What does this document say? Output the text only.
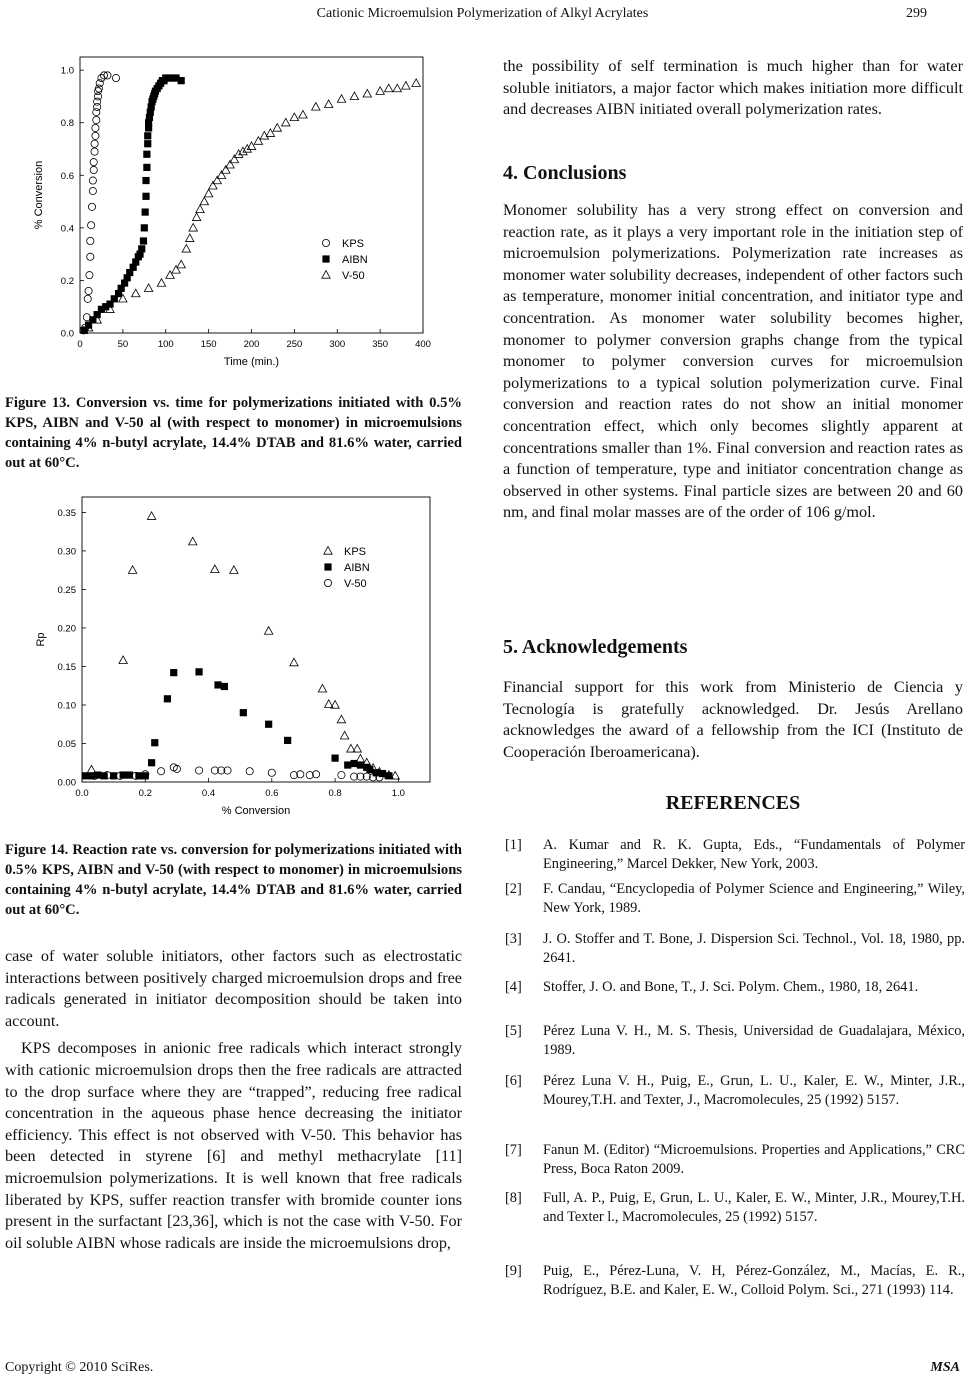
Cationic Microemulsion Polymerization of Alkyl Acrylates	299
0	50	100	150	200	250	300	350	400
0.0
0.2
0.4
0.6
0.8
1.0
Time (min.)
% Conversion
KPS
AIBN
V-50
Figure 13. Conversion vs. time for polymerizations initiated with 0.5% KPS, AIBN and V-50 al (with respect to monomer) in microemulsions containing 4% n-butyl acrylate, 14.4% DTAB and 81.6% water, carried out at 60°C.
0.0	0.2	0.4	0.6	0.8	1.0
0.00
0.05
0.10
0.15
0.20
0.25
0.30
0.35
% Conversion
Rp
KPS
AIBN
V-50
Figure 14. Reaction rate vs. conversion for polymerizations initiated with 0.5% KPS, AIBN and V-50 (with respect to monomer) in microemulsions containing 4% n-butyl acrylate, 14.4% DTAB and 81.6% water, carried out at 60°C.

case of water soluble initiators, other factors such as electrostatic interactions between positively charged microemulsion drops and free radicals generated in initiator decomposition should be taken into account.

KPS decomposes in anionic free radicals which interact strongly with cationic microemulsion drops then the free radicals are attracted to the drop surface where they are “trapped”, reducing free radical concentration in the aqueous phase hence decreasing the initiator efficiency. This effect is not observed with V-50. This behavior has been detected in styrene [6] and methyl methacrylate [11] microemulsion polymerizations. It is well known that free radicals liberated by KPS, suffer reaction transfer with bromide counter ions present in the surfactant [23,36], which is not the case with V-50. For oil soluble AIBN whose radicals are inside the microemulsions drop,

the possibility of self termination is much higher than for water soluble initiators, a major factor which makes initiation more difficult and decreases AIBN initiated overall polymerization rates.
4. Conclusions
Monomer solubility has a very strong effect on conversion and reaction rate, as it plays a very important role in the initiation step of microemulsion polymerizations. Polymerization rate increases as monomer water solubility decreases, independent of other factors such as temperature, monomer initial concentration, and initiator type and concentration. As monomer water solubility becomes higher, monomer to polymer conversion graphs change from the typical monomer to polymer conversion curves for microemulsion polymerizations to a typical solution polymerization curve. Final conversion and reaction rates do not show an initial monomer concentration effect, which only becomes slightly apparent at concentrations smaller than 1%. Final conversion and reaction rates as a function of temperature, type and initiator concentration change as observed in other systems. Final particle sizes are between 20 and 60 nm, and final molar masses are of the order of 106 g/mol.
5. Acknowledgements
Financial support for this work from Ministerio de Ciencia y Tecnología is gratefully acknowledged. Dr. Jesús Arellano acknowledges the award of a fellowship from the ICI (Instituto de Cooperación Iberoamericana).
REFERENCES
[1] A. Kumar and R. K. Gupta, Eds., “Fundamentals of Polymer Engineering,” Marcel Dekker, New York, 2003.
[2] F. Candau, “Encyclopedia of Polymer Science and Engineering,” Wiley, New York, 1989.
[3] J. O. Stoffer and T. Bone, J. Dispersion Sci. Technol., Vol. 18, 1980, pp. 2641.
[4] Stoffer, J. O. and Bone, T., J. Sci. Polym. Chem., 1980, 18, 2641.
[5] Pérez Luna V. H., M. S. Thesis, Universidad de Guadalajara, México, 1989.
[6] Pérez Luna V. H., Puig, E., Grun, L. U., Kaler, E. W., Minter, J.R., Mourey,T.H. and Texter, J., Macromolecules, 25 (1992) 5157.
[7] Fanun M. (Editor) “Microemulsions. Properties and Applications,” CRC Press, Boca Raton 2009.
[8] Full, A. P., Puig, E, Grun, L. U., Kaler, E. W., Minter, J.R., Mourey,T.H. and Texter l., Macromolecules, 25 (1992) 5157.
[9] Puig, E., Pérez-Luna, V. H, Pérez-González, M., Macías, E. R., Rodríguez, B.E. and Kaler, E. W., Colloid Polym. Sci., 271 (1993) 114.
Copyright © 2010 SciRes.	MSA
